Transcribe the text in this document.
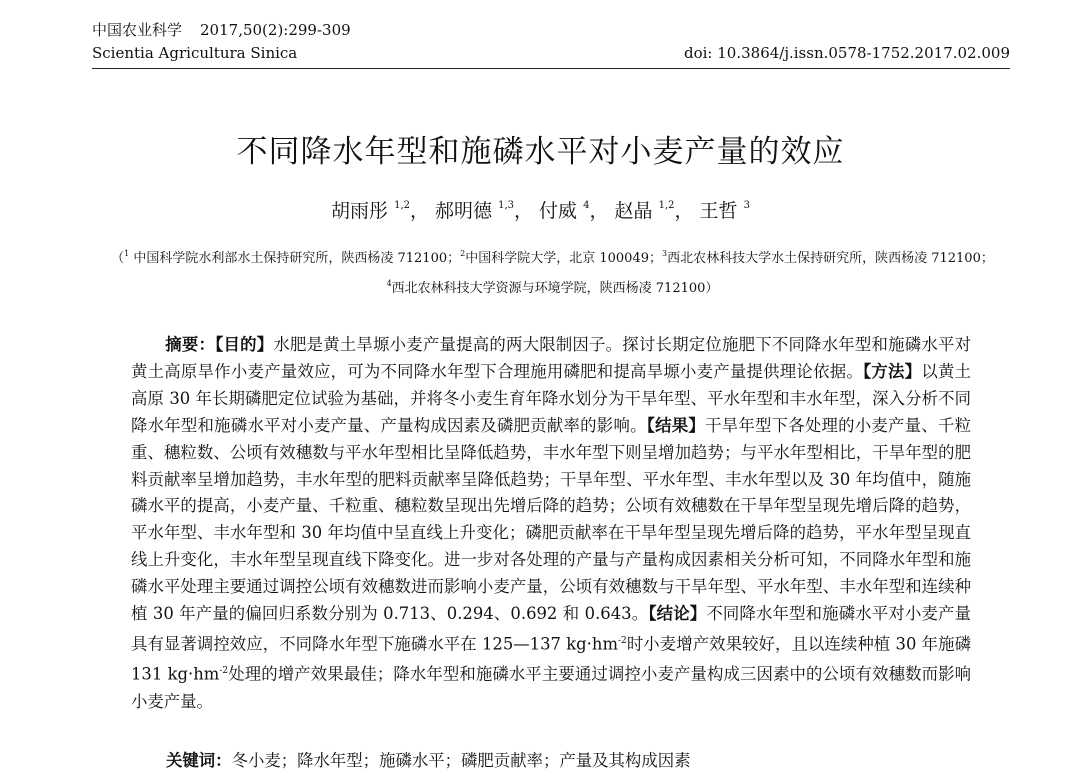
中国农业科学 2017,50(2):299-309
Scientia Agricultura Sinica	doi: 10.3864/j.issn.0578-1752.2017.02.009
不同降水年型和施磷水平对小麦产量的效应
胡雨彤 $^{1,2}$， 郝明德 $^{1,3}$， 付威 $^4$， 赵晶 $^{1,2}$， 王哲 $^3$
（$^1$ 中国科学院水利部水土保持研究所，陕西杨凌 712100；$^2$中国科学院大学，北京 100049；$^3$西北农林科技大学水土保持研究所，陕西杨凌 712100；
$^4$西北农林科技大学资源与环境学院，陕西杨凌 712100）

摘要：【目的】水肥是黄土旱塬小麦产量提高的两大限制因子。探讨长期定位施肥下不同降水年型和施磷水平对黄土高原旱作小麦产量效应，可为不同降水年型下合理施用磷肥和提高旱塬小麦产量提供理论依据。【方法】以黄土高原 30 年长期磷肥定位试验为基础，并将冬小麦生育年降水划分为干旱年型、平水年型和丰水年型，深入分析不同降水年型和施磷水平对小麦产量、产量构成因素及磷肥贡献率的影响。【结果】干旱年型下各处理的小麦产量、千粒重、穗粒数、公顷有效穗数与平水年型相比呈降低趋势，丰水年型下则呈增加趋势；与平水年型相比，干旱年型的肥料贡献率呈增加趋势，丰水年型的肥料贡献率呈降低趋势；干旱年型、平水年型、丰水年型以及 30 年均值中，随施磷水平的提高，小麦产量、千粒重、穗粒数呈现出先增后降的趋势；公顷有效穗数在干旱年型呈现先增后降的趋势，平水年型、丰水年型和 30 年均值中呈直线上升变化；磷肥贡献率在干旱年型呈现先增后降的趋势，平水年型呈现直线上升变化，丰水年型呈现直线下降变化。进一步对各处理的产量与产量构成因素相关分析可知，不同降水年型和施磷水平处理主要通过调控公顷有效穗数进而影响小麦产量，公顷有效穗数与干旱年型、平水年型、丰水年型和连续种植 30 年产量的偏回归系数分别为 0.713、0.294、0.692 和 0.643。【结论】不同降水年型和施磷水平对小麦产量具有显著调控效应，不同降水年型下施磷水平在 125—137 $kg\cdot hm^{-2}$时小麦增产效果较好，且以连续种植 30 年施磷 131 $kg\cdot hm^{-2}$处理的增产效果最佳；降水年型和施磷水平主要通过调控小麦产量构成三因素中的公顷有效穗数而影响小麦产量。

关键词：冬小麦；降水年型；施磷水平；磷肥贡献率；产量及其构成因素
